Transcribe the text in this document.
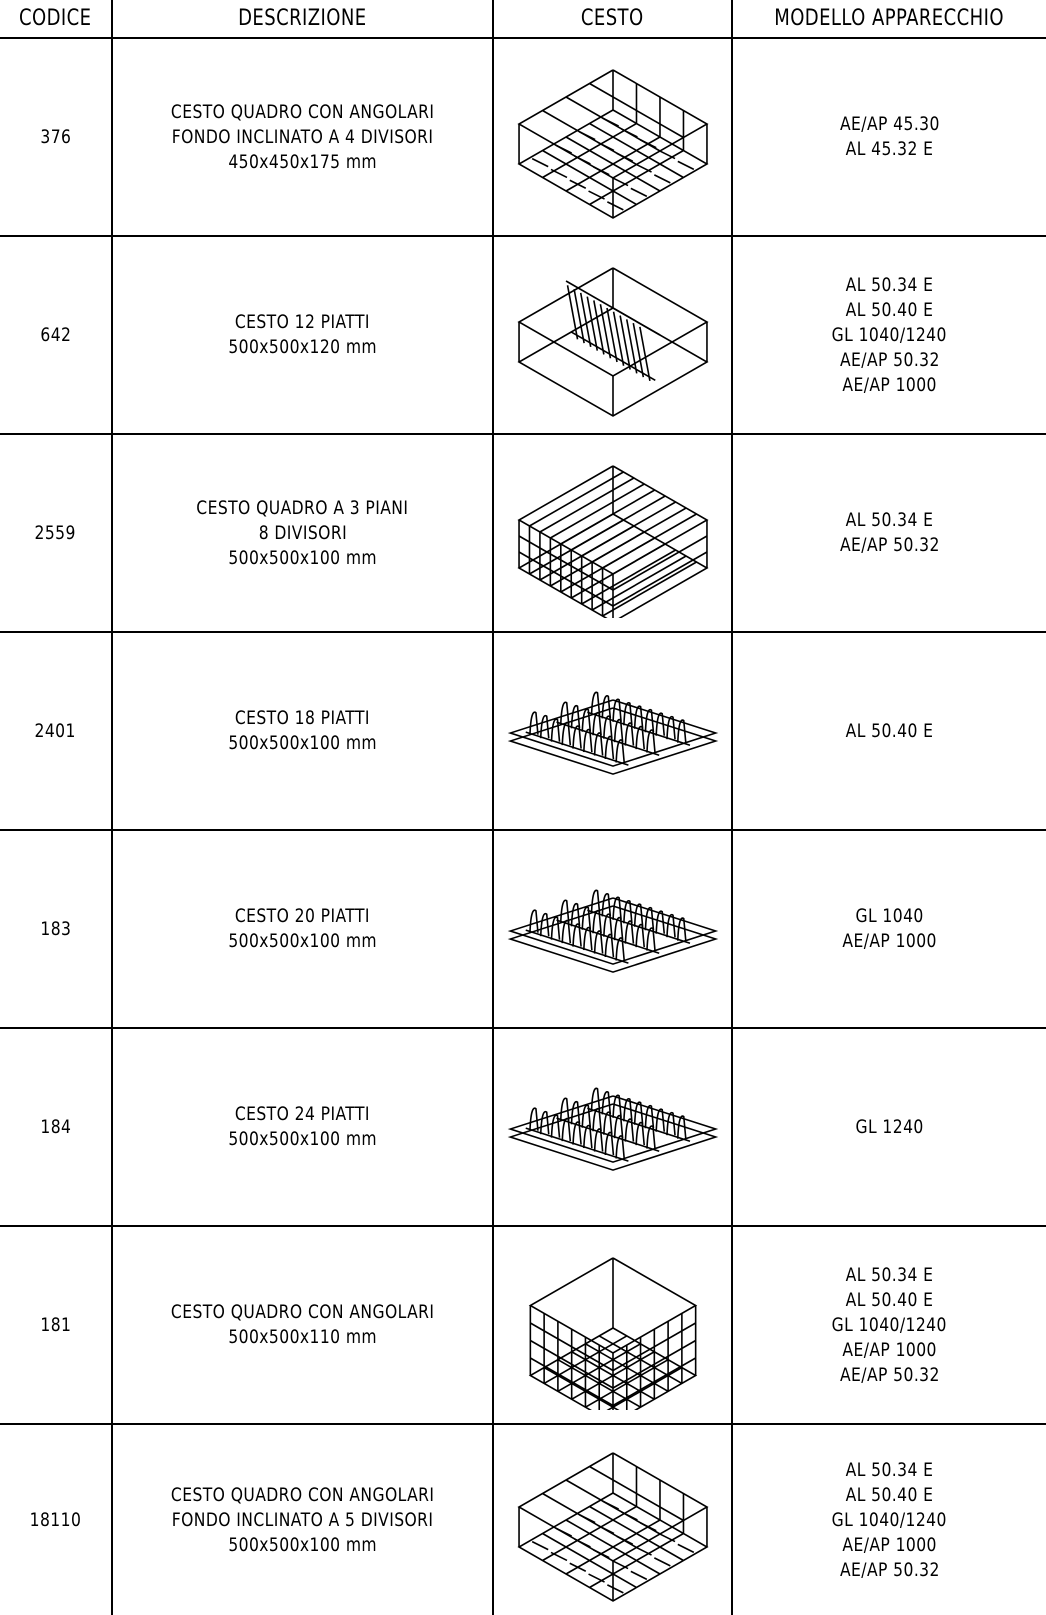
CODICE	DESCRIZIONE	CESTO	MODELLO APPARECCHIO
376	CESTO QUADRO CON ANGOLARI
FONDO INCLINATO A 4 DIVISORI
450x450x175 mm		AE/AP 45.30
AL 45.32 E

642	CESTO 12 PIATTI
500x500x120 mm		AL 50.34 E
AL 50.40 E
GL 1040/1240
AE/AP 50.32
AE/AP 1000

2559	CESTO QUADRO A 3 PIANI
8 DIVISORI
500x500x100 mm		AL 50.34 E
AE/AP 50.32

2401	CESTO 18 PIATTI
500x500x100 mm		AL 50.40 E

183	CESTO 20 PIATTI
500x500x100 mm		GL 1040
AE/AP 1000

184	CESTO 24 PIATTI
500x500x100 mm		GL 1240

181	CESTO QUADRO CON ANGOLARI
500x500x110 mm		AL 50.34 E
AL 50.40 E
GL 1040/1240
AE/AP 1000
AE/AP 50.32

18110	CESTO QUADRO CON ANGOLARI
FONDO INCLINATO A 5 DIVISORI
500x500x100 mm		AL 50.34 E
AL 50.40 E
GL 1040/1240
AE/AP 1000
AE/AP 50.32
